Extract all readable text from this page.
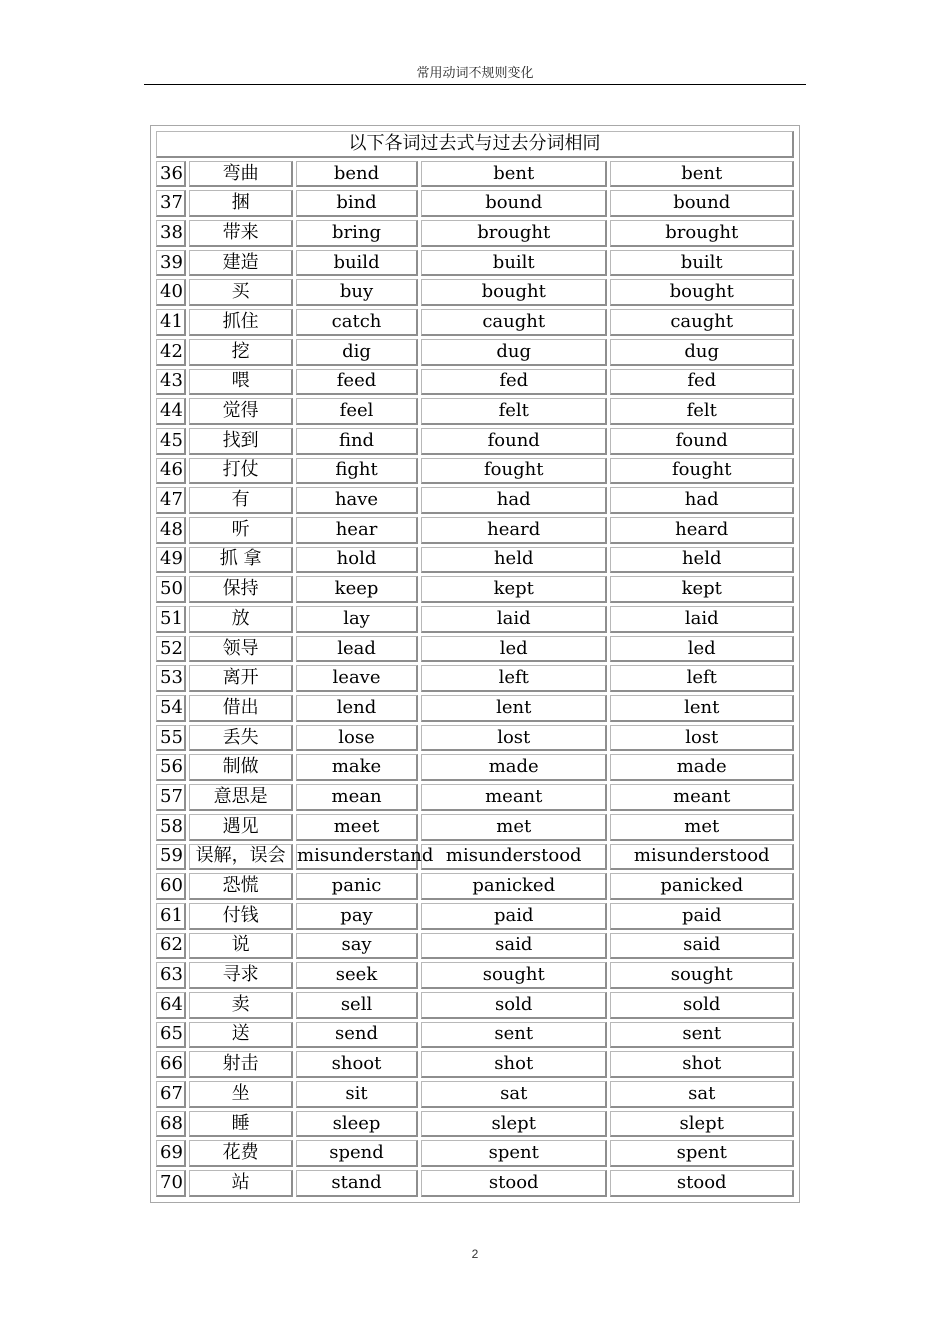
常用动词不规则变化
以下各词过去式与过去分词相同				
36	弯曲	bend	bent	bent
37	捆	bind	bound	bound
38	带来	bring	brought	brought
39	建造	build	built	built
40	买	buy	bought	bought
41	抓住	catch	caught	caught
42	挖	dig	dug	dug
43	喂	feed	fed	fed
44	觉得	feel	felt	felt
45	找到	find	found	found
46	打仗	fight	fought	fought
47	有	have	had	had
48	听	hear	heard	heard
49	抓 拿	hold	held	held
50	保持	keep	kept	kept
51	放	lay	laid	laid
52	领导	lead	led	led
53	离开	leave	left	left
54	借出	lend	lent	lent
55	丢失	lose	lost	lost
56	制做	make	made	made
57	意思是	mean	meant	meant
58	遇见	meet	met	met
59	误解，误会	misunderstand	misunderstood	misunderstood
60	恐慌	panic	panicked	panicked
61	付钱	pay	paid	paid
62	说	say	said	said
63	寻求	seek	sought	sought
64	卖	sell	sold	sold
65	送	send	sent	sent
66	射击	shoot	shot	shot
67	坐	sit	sat	sat
68	睡	sleep	slept	slept
69	花费	spend	spent	spent
70	站	stand	stood	stood
2
